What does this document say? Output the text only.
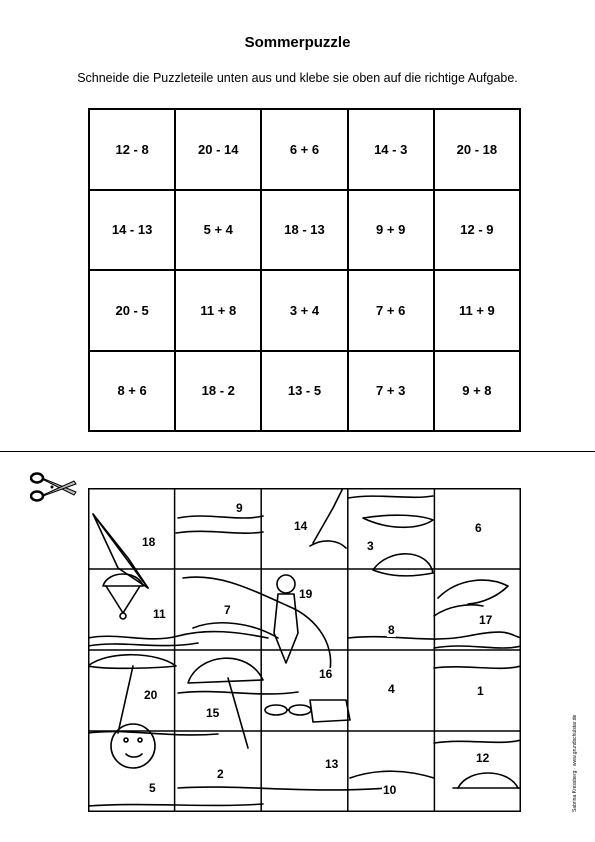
Sommerpuzzle
Schneide die Puzzleteile unten aus und klebe sie oben auf die richtige Aufgabe.
12 - 8	20 - 14	6 + 6	14 - 3	20 - 18
14 - 13	5 + 4	18 - 13	9 + 9	12 - 9
20 - 5	11 + 8	3 + 4	7 + 6	11 + 9
8 + 6	18 - 2	13 - 5	7 + 3	9 + 8
18
9
14
3
6
11	7
19
8
17
20
15
16
4	1
5
2
13
10
12	Sabrina Kressberg · www.grundschulstar.de
